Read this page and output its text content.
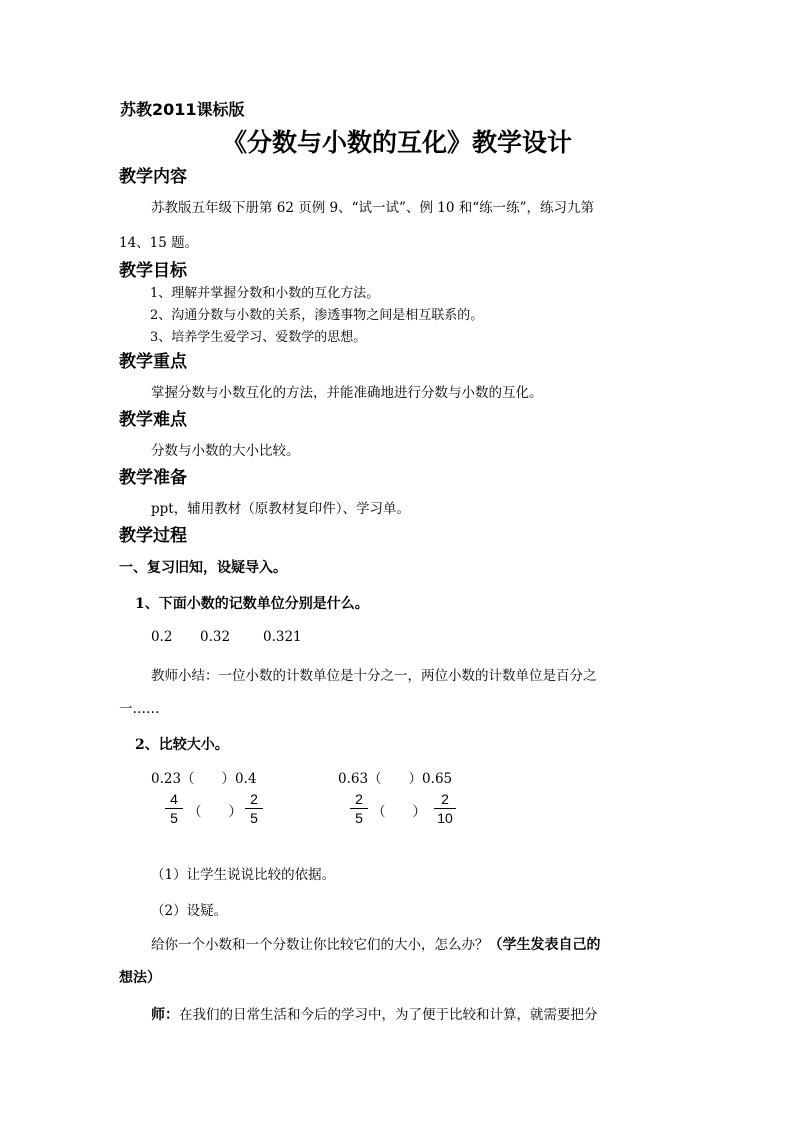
苏教2011课标版
《分数与小数的互化》教学设计
教学内容
苏教版五年级下册第 62 页例 9、“试一试”、例 10 和“练一练”，练习九第
14、15 题。
教学目标
1、理解并掌握分数和小数的互化方法。
2、沟通分数与小数的关系，渗透事物之间是相互联系的。
3、培养学生爱学习、爱数学的思想。
教学重点
掌握分数与小数互化的方法，并能准确地进行分数与小数的互化。
教学难点
分数与小数的大小比较。
教学准备
ppt，辅用教材（原教材复印件）、学习单。
教学过程
一、复习旧知，设疑导入。
1、下面小数的记数单位分别是什么。
0.2 0.32 0.321
教师小结：一位小数的计数单位是十分之一，两位小数的计数单位是百分之
一……
2、比较大小。
0.23（　　）0.4	0.63（　　）0.65
4
5 （　　）
2
5
2
5 （　　）
2
10
（1）让学生说说比较的依据。
（2）设疑。
给你一个小数和一个分数让你比较它们的大小，怎么办？（学生发表自己的
想法）
师：在我们的日常生活和今后的学习中，为了便于比较和计算，就需要把分
